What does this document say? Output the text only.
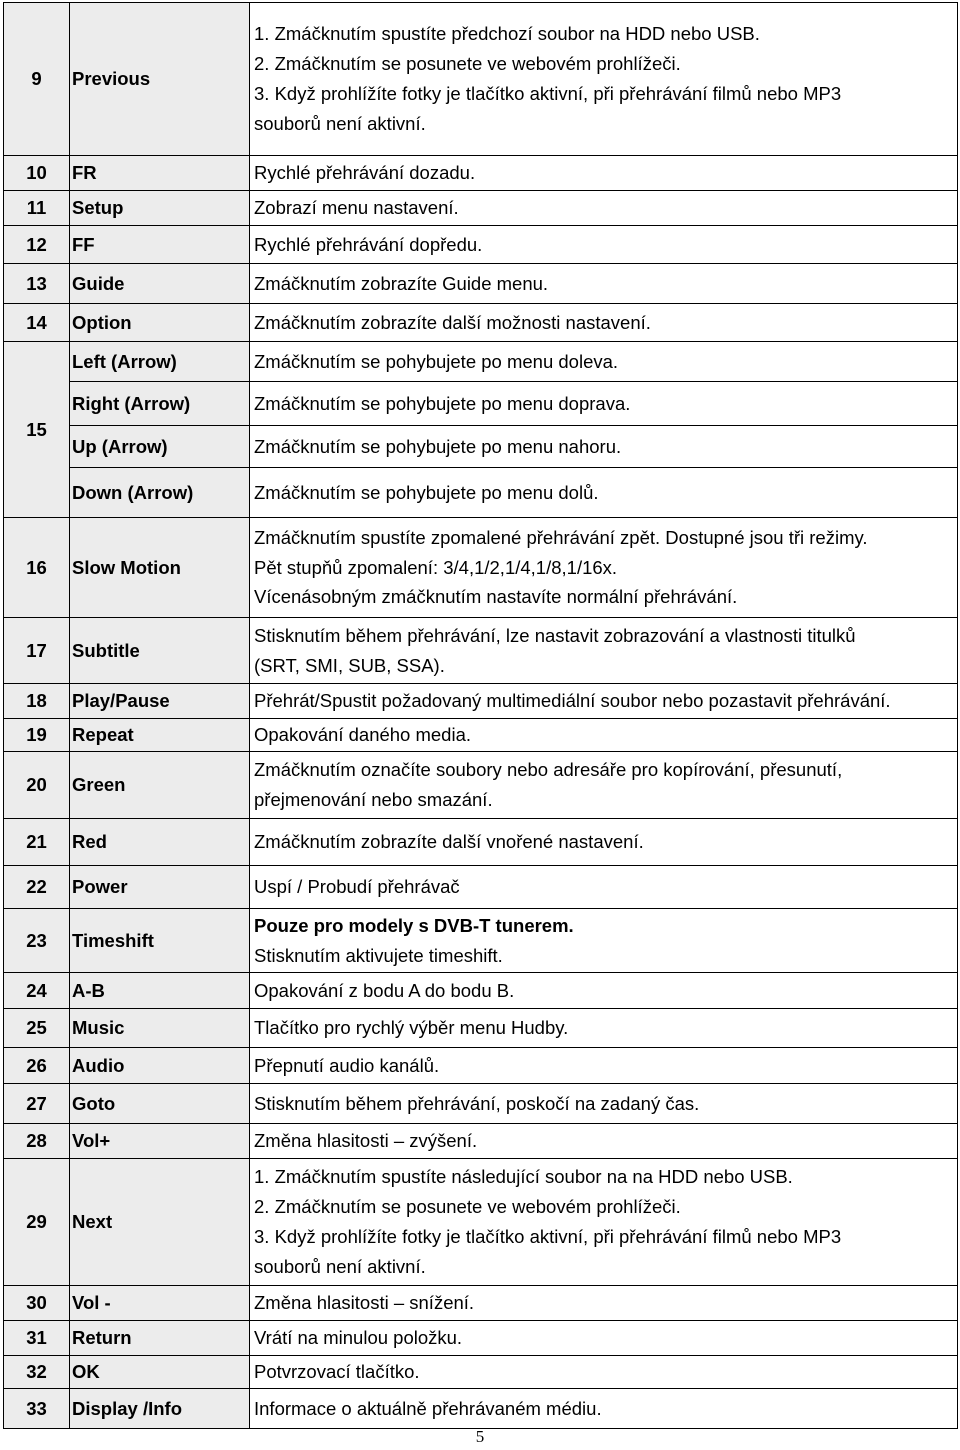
9	Previous	1. Zmáčknutím spustíte předchozí soubor na HDD nebo USB.
2. Zmáčknutím se posunete ve webovém prohlížeči.
3. Když prohlížíte fotky je tlačítko aktivní, při přehrávání filmů nebo MP3
souborů není aktivní.

10	FR	Rychlé přehrávání dozadu.

11	Setup	Zobrazí menu nastavení.

12	FF	Rychlé přehrávání dopředu.

13	Guide	Zmáčknutím zobrazíte Guide menu.

14	Option	Zmáčknutím zobrazíte další možnosti nastavení.

15	Left (Arrow)	Zmáčknutím se pohybujete po menu doleva.
	Right (Arrow)	Zmáčknutím se pohybujete po menu doprava.
	Up (Arrow)	Zmáčknutím se pohybujete po menu nahoru.
	Down (Arrow)	Zmáčknutím se pohybujete po menu dolů.
16	Slow Motion	Zmáčknutím spustíte zpomalené přehrávání zpět. Dostupné jsou tři režimy.
Pět stupňů zpomalení: 3/4,1/2,1/4,1/8,1/16x.
Vícenásobným zmáčknutím nastavíte normální přehrávání.

17	Subtitle	Stisknutím během přehrávání, lze nastavit zobrazování a vlastnosti titulků
(SRT, SMI, SUB, SSA).

18	Play/Pause	Přehrát/Spustit požadovaný multimediální soubor nebo pozastavit přehrávání.

19	Repeat	Opakování daného media.

20	Green	Zmáčknutím označíte soubory nebo adresáře pro kopírování, přesunutí,
přejmenování nebo smazání.

21	Red	Zmáčknutím zobrazíte další vnořené nastavení.

22	Power	Uspí / Probudí přehrávač

23	Timeshift	Pouze pro modely s DVB-T tunerem.
Stisknutím aktivujete timeshift.

24	A-B	Opakování z bodu A do bodu B.

25	Music	Tlačítko pro rychlý výběr menu Hudby.

26	Audio	Přepnutí audio kanálů.

27	Goto	Stisknutím během přehrávání, poskočí na zadaný čas.

28	Vol+	Změna hlasitosti – zvýšení.

29	Next	1. Zmáčknutím spustíte následující soubor na na HDD nebo USB.
2. Zmáčknutím se posunete ve webovém prohlížeči.
3. Když prohlížíte fotky je tlačítko aktivní, při přehrávání filmů nebo MP3
souborů není aktivní.

30	Vol -	Změna hlasitosti – snížení.

31	Return	Vrátí na minulou položku.

32	OK	Potvrzovací tlačítko.

33	Display /Info	Informace o aktuálně přehrávaném médiu.
5
